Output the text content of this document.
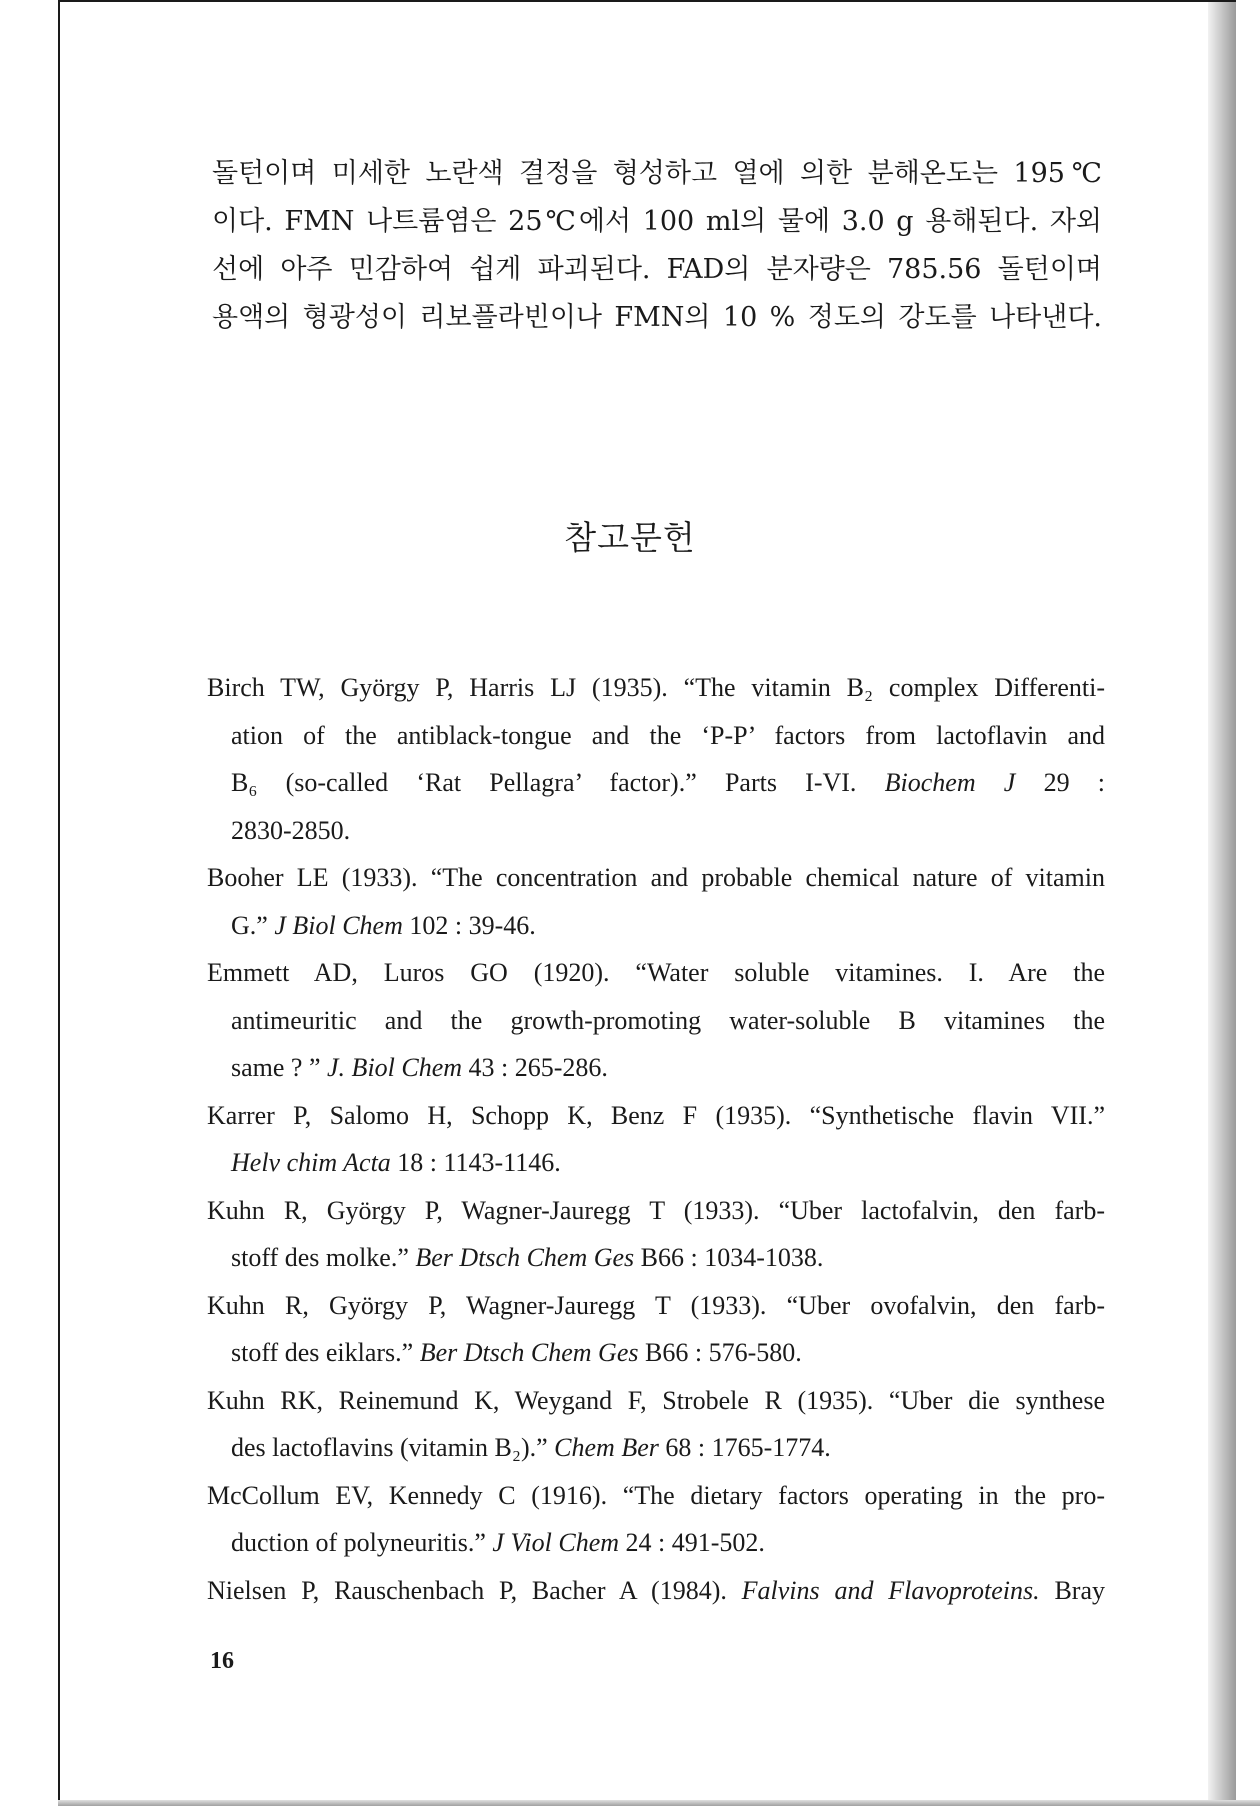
돌턴이며 미세한 노란색 결정을 형성하고 열에 의한 분해온도는 195℃
이다. FMN 나트륨염은 25℃에서 100 ml의 물에 3.0 g 용해된다. 자외
선에 아주 민감하여 쉽게 파괴된다. FAD의 분자량은 785.56 돌턴이며
용액의 형광성이 리보플라빈이나 FMN의 10 % 정도의 강도를 나타낸다.
참고문헌
Birch TW, György P, Harris LJ (1935). “The vitamin B₂ complex Differenti-
ation of the antiblack-tongue and the ‘P-P’ factors from lactoflavin and
B₆ (so-called ‘Rat Pellagra’ factor).” Parts I-VI. Biochem J 29 :
2830-2850.
Booher LE (1933). “The concentration and probable chemical nature of vitamin
G.” J Biol Chem 102 : 39-46.
Emmett AD, Luros GO (1920). “Water soluble vitamines. I. Are the
antimeuritic and the growth-promoting water-soluble B vitamines the
same ? ” J. Biol Chem 43 : 265-286.
Karrer P, Salomo H, Schopp K, Benz F (1935). “Synthetische flavin VII.”
Helv chim Acta 18 : 1143-1146.
Kuhn R, György P, Wagner-Jauregg T (1933). “Uber lactofalvin, den farb-
stoff des molke.” Ber Dtsch Chem Ges B66 : 1034-1038.
Kuhn R, György P, Wagner-Jauregg T (1933). “Uber ovofalvin, den farb-
stoff des eiklars.” Ber Dtsch Chem Ges B66 : 576-580.
Kuhn RK, Reinemund K, Weygand F, Strobele R (1935). “Uber die synthese
des lactoflavins (vitamin B₂).” Chem Ber 68 : 1765-1774.
McCollum EV, Kennedy C (1916). “The dietary factors operating in the pro-
duction of polyneuritis.” J Viol Chem 24 : 491-502.
Nielsen P, Rauschenbach P, Bacher A (1984). Falvins and Flavoproteins. Bray
16
